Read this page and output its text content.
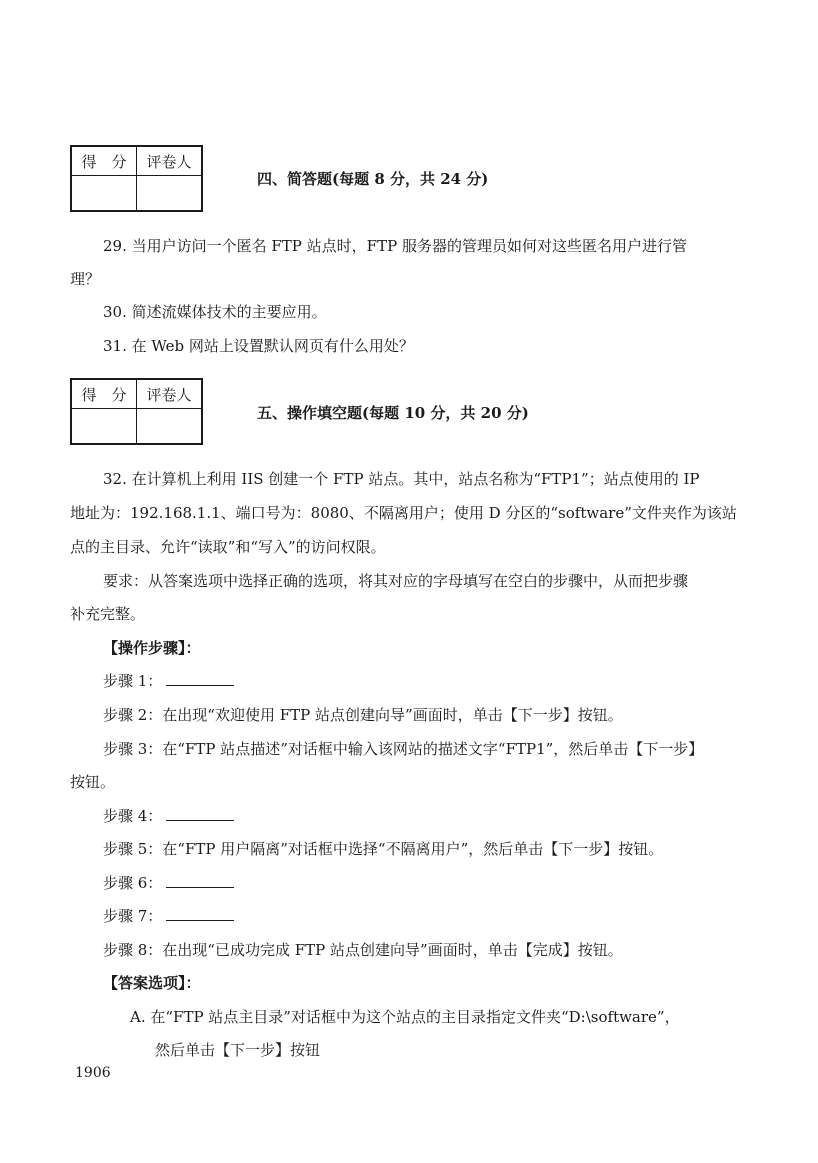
得　分	评卷人

四、简答题(每题 8 分，共 24 分)
29. 当用户访问一个匿名 FTP 站点时，FTP 服务器的管理员如何对这些匿名用户进行管
理？
30. 简述流媒体技术的主要应用。
31. 在 Web 网站上设置默认网页有什么用处？
得　分	评卷人

五、操作填空题(每题 10 分，共 20 分)
32. 在计算机上利用 IIS 创建一个 FTP 站点。其中，站点名称为“FTP1”；站点使用的 IP
地址为：192.168.1.1、端口号为：8080、不隔离用户；使用 D 分区的“software”文件夹作为该站
点的主目录、允许“读取”和“写入”的访问权限。
要求：从答案选项中选择正确的选项，将其对应的字母填写在空白的步骤中，从而把步骤
补充完整。
【操作步骤】：
步骤 1：
步骤 2：在出现“欢迎使用 FTP 站点创建向导”画面时，单击【下一步】按钮。
步骤 3：在“FTP 站点描述”对话框中输入该网站的描述文字“FTP1”，然后单击【下一步】
按钮。
步骤 4：
步骤 5：在“FTP 用户隔离”对话框中选择“不隔离用户”，然后单击【下一步】按钮。
步骤 6：
步骤 7：
步骤 8：在出现“已成功完成 FTP 站点创建向导”画面时，单击【完成】按钮。
【答案选项】：
A. 在“FTP 站点主目录”对话框中为这个站点的主目录指定文件夹“D:\software”，
然后单击【下一步】按钮
1906
